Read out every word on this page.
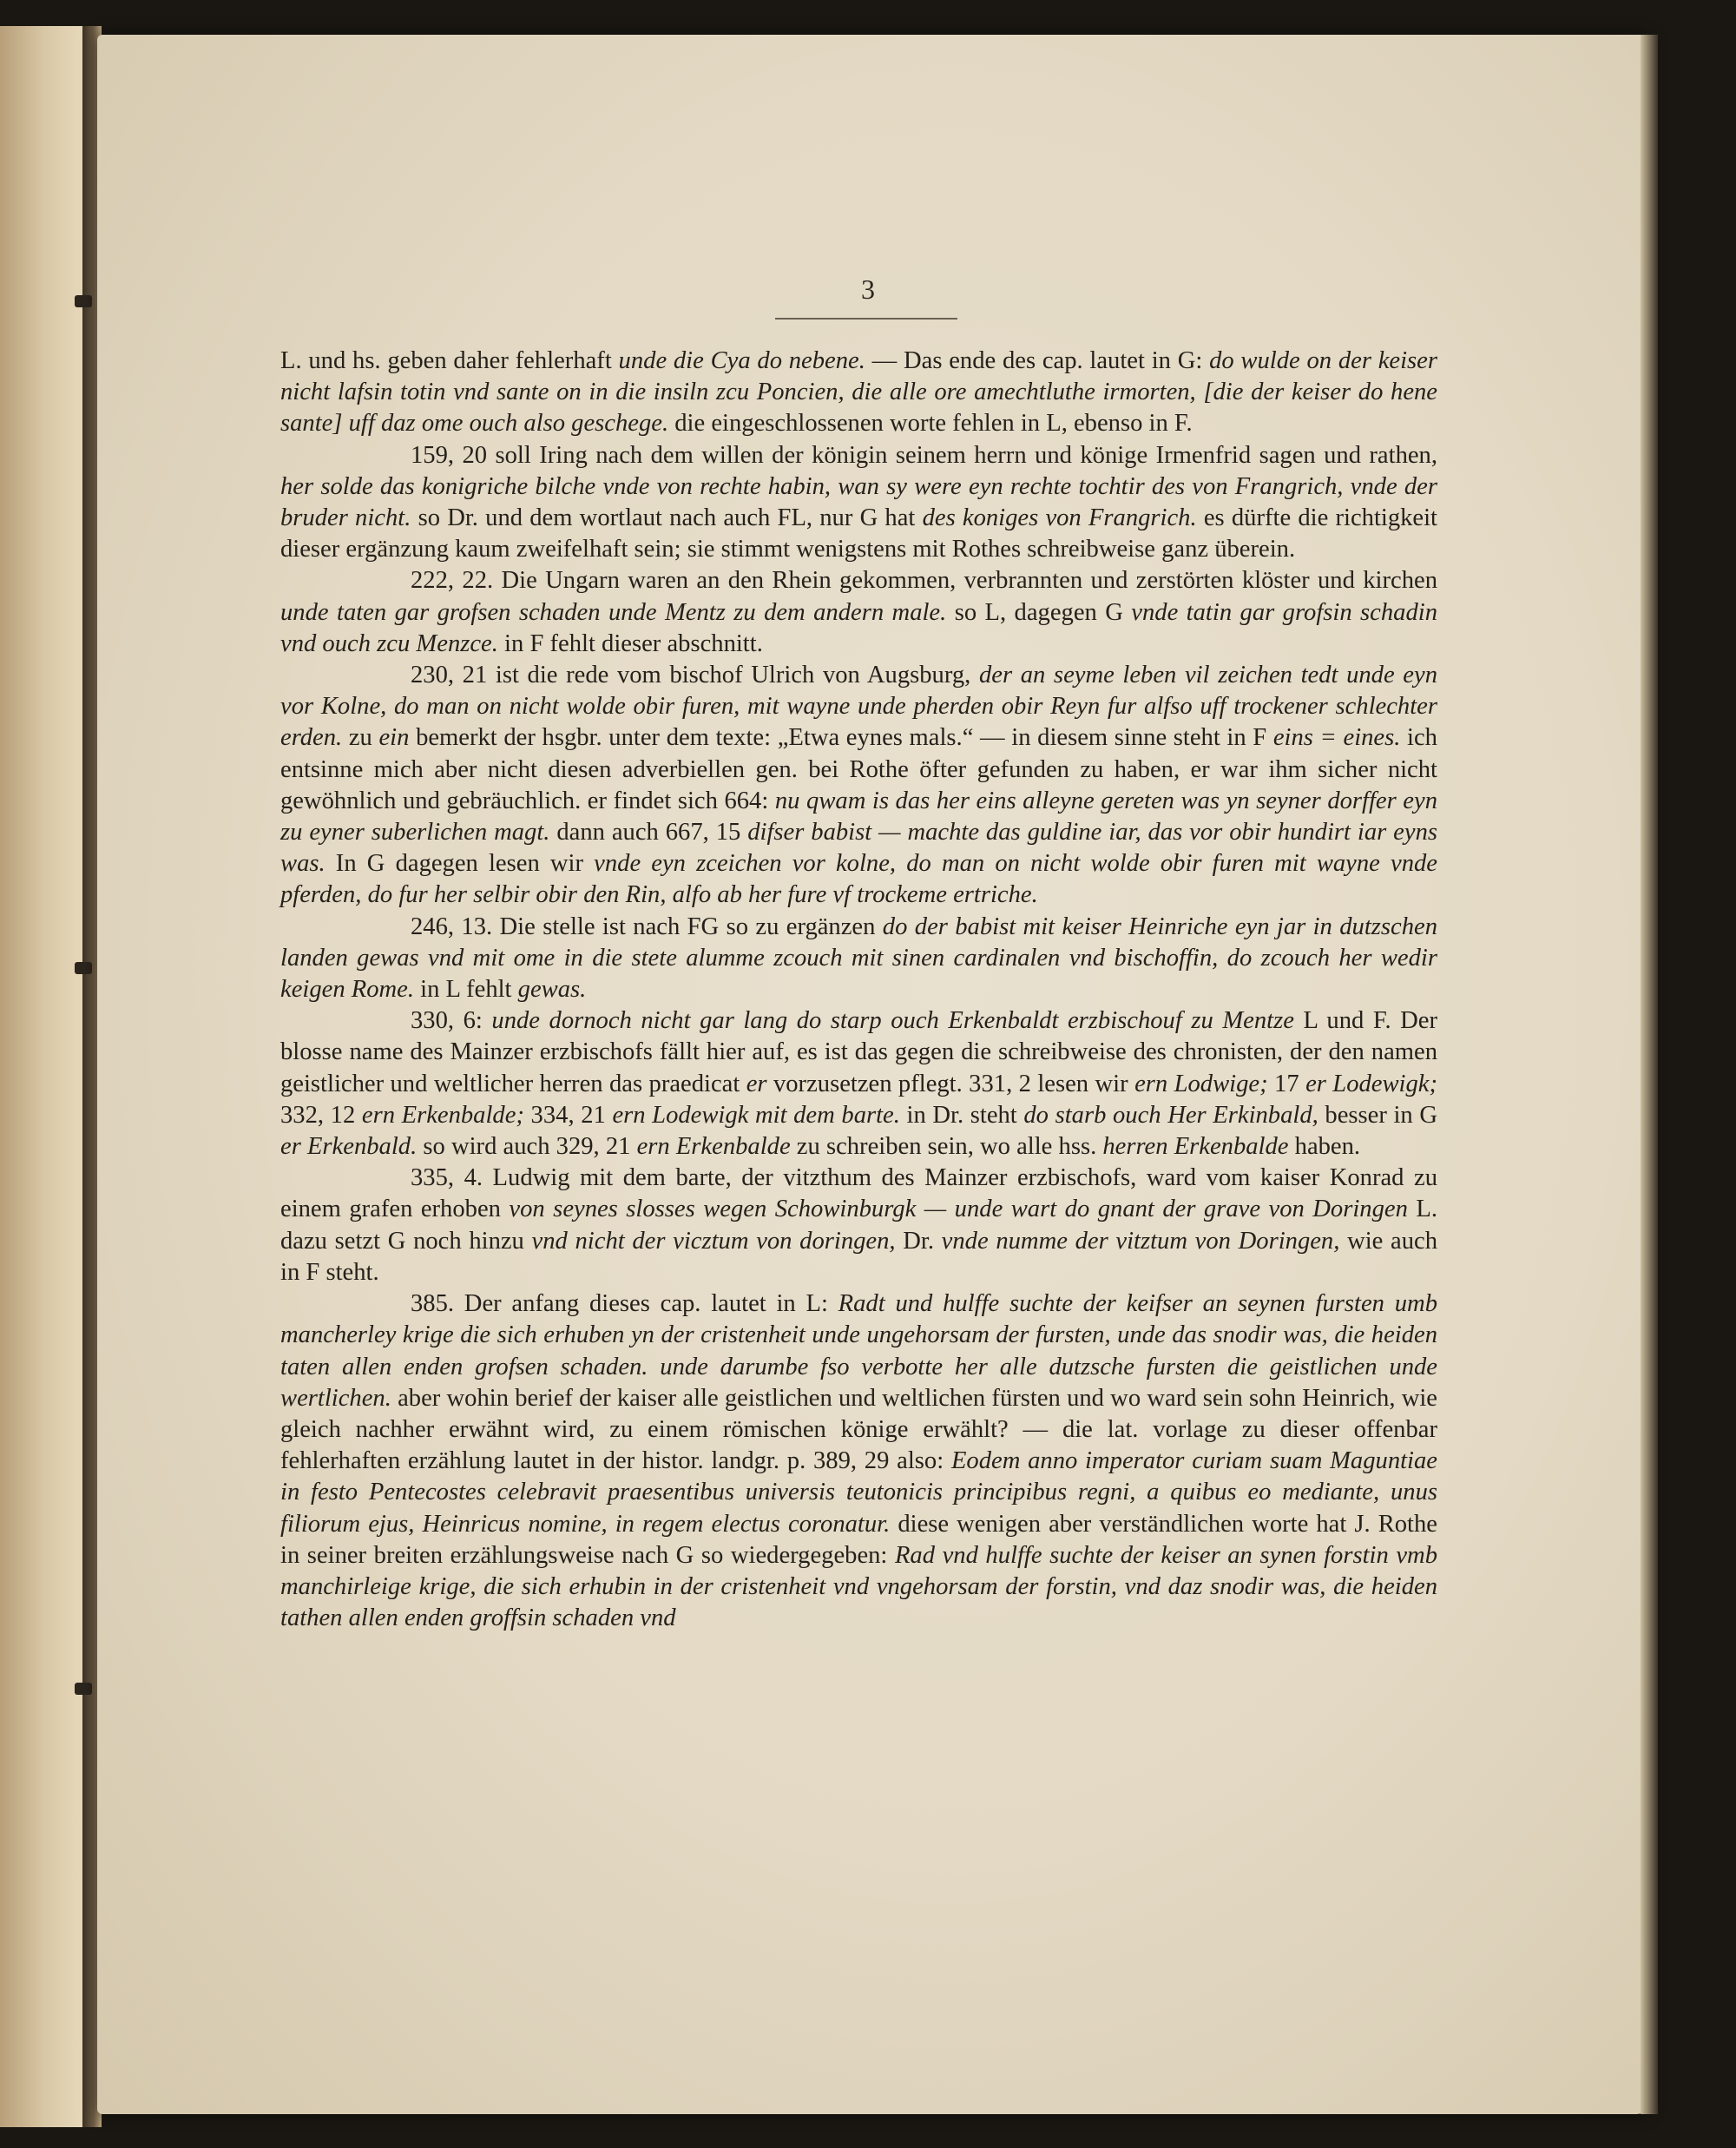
3

L. und hs. geben daher fehlerhaft unde die Cya do nebene. — Das ende des cap. lautet in G: do wulde on der keiser nicht lafsin totin vnd sante on in die insiln zcu Poncien, die alle ore amechtluthe irmorten, [die der keiser do hene sante] uff daz ome ouch also geschege. die eingeschlossenen worte fehlen in L, ebenso in F.

159, 20 soll Iring nach dem willen der königin seinem herrn und könige Irmenfrid sagen und rathen, her solde das konigriche bilche vnde von rechte habin, wan sy were eyn rechte tochtir des von Frangrich, vnde der bruder nicht. so Dr. und dem wortlaut nach auch FL, nur G hat des koniges von Frangrich. es dürfte die richtigkeit dieser ergänzung kaum zweifelhaft sein; sie stimmt wenigstens mit Rothes schreibweise ganz überein.

222, 22. Die Ungarn waren an den Rhein gekommen, verbrannten und zerstörten klöster und kirchen unde taten gar grofsen schaden unde Mentz zu dem andern male. so L, dagegen G vnde tatin gar grofsin schadin vnd ouch zcu Menzce. in F fehlt dieser abschnitt.

230, 21 ist die rede vom bischof Ulrich von Augsburg, der an seyme leben vil zeichen tedt unde eyn vor Kolne, do man on nicht wolde obir furen, mit wayne unde pherden obir Reyn fur alfso uff trockener schlechter erden. zu ein bemerkt der hsgbr. unter dem texte: „Etwa eynes mals.“ — in diesem sinne steht in F eins = eines. ich entsinne mich aber nicht diesen adverbiellen gen. bei Rothe öfter gefunden zu haben, er war ihm sicher nicht gewöhnlich und gebräuchlich. er findet sich 664: nu qwam is das her eins alleyne gereten was yn seyner dorffer eyn zu eyner suberlichen magt. dann auch 667, 15 difser babist — machte das guldine iar, das vor obir hundirt iar eyns was. In G dagegen lesen wir vnde eyn zceichen vor kolne, do man on nicht wolde obir furen mit wayne vnde pferden, do fur her selbir obir den Rin, alfo ab her fure vf trockeme ertriche.

246, 13. Die stelle ist nach FG so zu ergänzen do der babist mit keiser Heinriche eyn jar in dutzschen landen gewas vnd mit ome in die stete alumme zcouch mit sinen cardinalen vnd bischoffin, do zcouch her wedir keigen Rome. in L fehlt gewas.

330, 6: unde dornoch nicht gar lang do starp ouch Erkenbaldt erzbischouf zu Mentze L und F. Der blosse name des Mainzer erzbischofs fällt hier auf, es ist das gegen die schreibweise des chronisten, der den namen geistlicher und weltlicher herren das praedicat er vorzusetzen pflegt. 331, 2 lesen wir ern Lodwige; 17 er Lodewigk; 332, 12 ern Erkenbalde; 334, 21 ern Lodewigk mit dem barte. in Dr. steht do starb ouch Her Erkinbald, besser in G er Erkenbald. so wird auch 329, 21 ern Erkenbalde zu schreiben sein, wo alle hss. herren Erkenbalde haben.

335, 4. Ludwig mit dem barte, der vitzthum des Mainzer erzbischofs, ward vom kaiser Konrad zu einem grafen erhoben von seynes slosses wegen Schowinburgk — unde wart do gnant der grave von Doringen L. dazu setzt G noch hinzu vnd nicht der vicztum von doringen, Dr. vnde numme der vitztum von Doringen, wie auch in F steht.

385. Der anfang dieses cap. lautet in L: Radt und hulffe suchte der keifser an seynen fursten umb mancherley krige die sich erhuben yn der cristenheit unde ungehorsam der fursten, unde das snodir was, die heiden taten allen enden grofsen schaden. unde darumbe fso verbotte her alle dutzsche fursten die geistlichen unde wertlichen. aber wohin berief der kaiser alle geistlichen und weltlichen fürsten und wo ward sein sohn Heinrich, wie gleich nachher erwähnt wird, zu einem römischen könige erwählt? — die lat. vorlage zu dieser offenbar fehlerhaften erzählung lautet in der histor. landgr. p. 389, 29 also: Eodem anno imperator curiam suam Maguntiae in festo Pentecostes celebravit praesentibus universis teutonicis principibus regni, a quibus eo mediante, unus filiorum ejus, Heinricus nomine, in regem electus coronatur. diese wenigen aber verständlichen worte hat J. Rothe in seiner breiten erzählungsweise nach G so wiedergegeben: Rad vnd hulffe suchte der keiser an synen forstin vmb manchirleige krige, die sich erhubin in der cristenheit vnd vngehorsam der forstin, vnd daz snodir was, die heiden tathen allen enden groffsin schaden vnd
